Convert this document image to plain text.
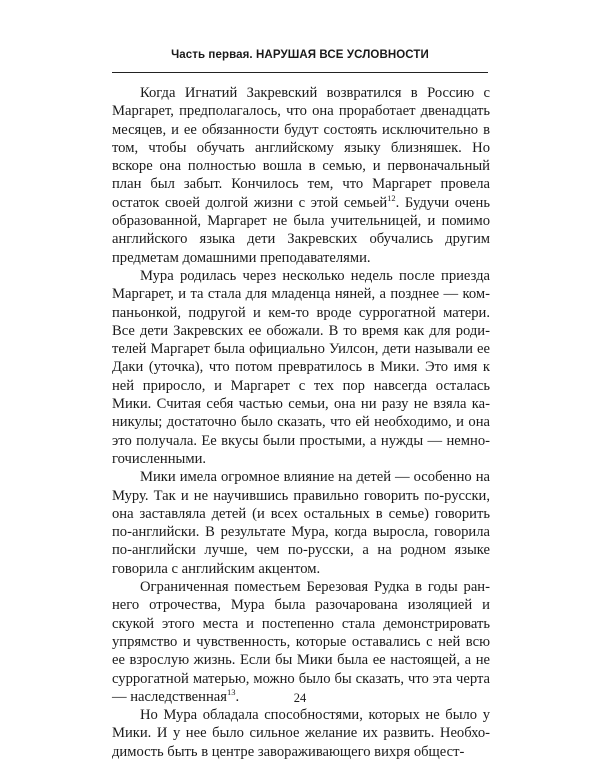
Часть первая. НАРУШАЯ ВСЕ УСЛОВНОСТИ

Когда Игнатий Закревский возвратился в Россию с Маргарет, предполагалось, что она проработает двенадцать месяцев, и ее обязанности будут состоять исключительно в том, чтобы обучать английскому языку близняшек. Но вскоре она полностью вошла в семью, и первоначальный план был забыт. Кончилось тем, что Маргарет провела остаток своей долгой жизни с этой семьей$^{12}$. Будучи очень образованной, Маргарет не была учительницей, и помимо английского языка дети Закревских обучались другим предметам домашними преподавателями.

Мура родилась через несколько недель после приезда Маргарет, и та стала для младенца няней, а позднее — компаньонкой, подругой и кем-то вроде суррогатной матери. Все дети Закревских ее обожали. В то время как для родителей Маргарет была официально Уилсон, дети называли ее Даки (уточка), что потом превратилось в Мики. Это имя к ней приросло, и Маргарет с тех пор навсегда осталась Мики. Считая себя частью семьи, она ни разу не взяла каникулы; достаточно было сказать, что ей необходимо, и она это получала. Ее вкусы были простыми, а нужды — немногочисленными.

Мики имела огромное влияние на детей — особенно на Муру. Так и не научившись правильно говорить по-русски, она заставляла детей (и всех остальных в семье) говорить по-английски. В результате Мура, когда выросла, говорила по-английски лучше, чем по-русски, а на родном языке говорила с английским акцентом.

Ограниченная поместьем Березовая Рудка в годы раннего отрочества, Мура была разочарована изоляцией и скукой этого места и постепенно стала демонстрировать упрямство и чувственность, которые оставались с ней всю ее взрослую жизнь. Если бы Мики была ее настоящей, а не суррогатной матерью, можно было бы сказать, что эта черта — наследственная$^{13}$.

Но Мура обладала способностями, которых не было у Мики. И у нее было сильное желание их развить. Необходимость быть в центре завораживающего вихря общест-

24
